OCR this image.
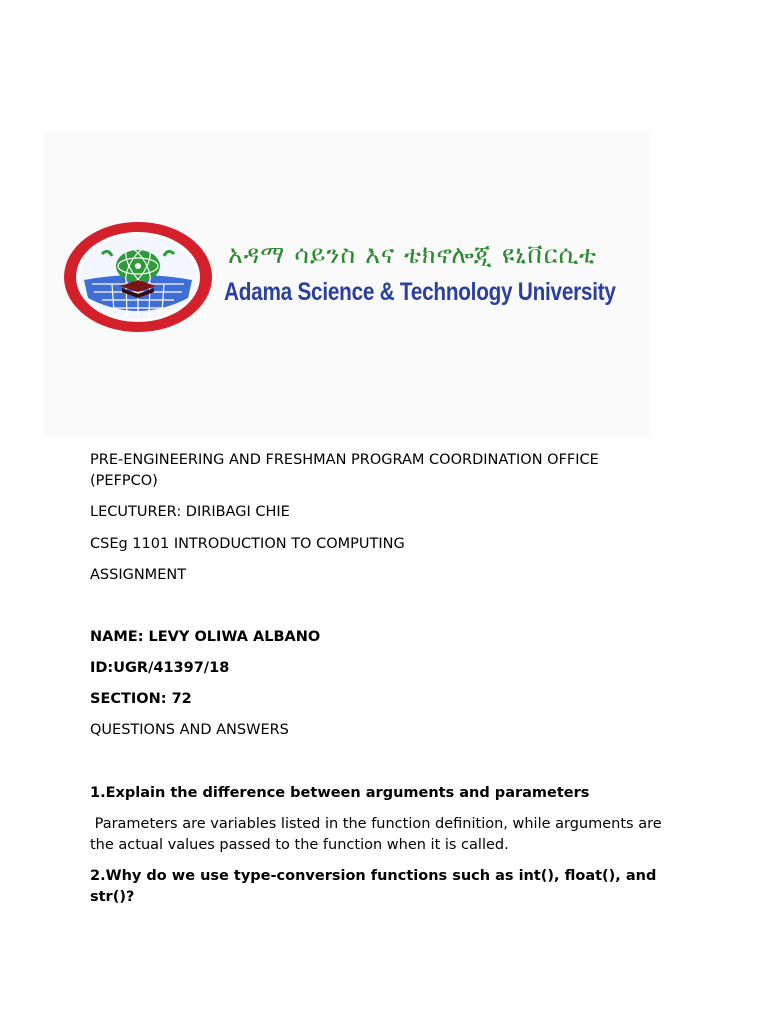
አዳማ ሳይንስ እና ቴክኖሎጂ ዩኒቨርሲቲ
Adama Science & Technology University
PRE-ENGINEERING AND FRESHMAN PROGRAM COORDINATION OFFICE (PEFPCO)
LECUTURER: DIRIBAGI CHIE
CSEg 1101 INTRODUCTION TO COMPUTING
ASSIGNMENT
NAME: LEVY OLIWA ALBANO
ID:UGR/41397/18
SECTION: 72
QUESTIONS AND ANSWERS
1.Explain the difference between arguments and parameters
Parameters are variables listed in the function definition, while arguments are the actual values passed to the function when it is called.
2.Why do we use type-conversion functions such as int(), float(), and str()?
